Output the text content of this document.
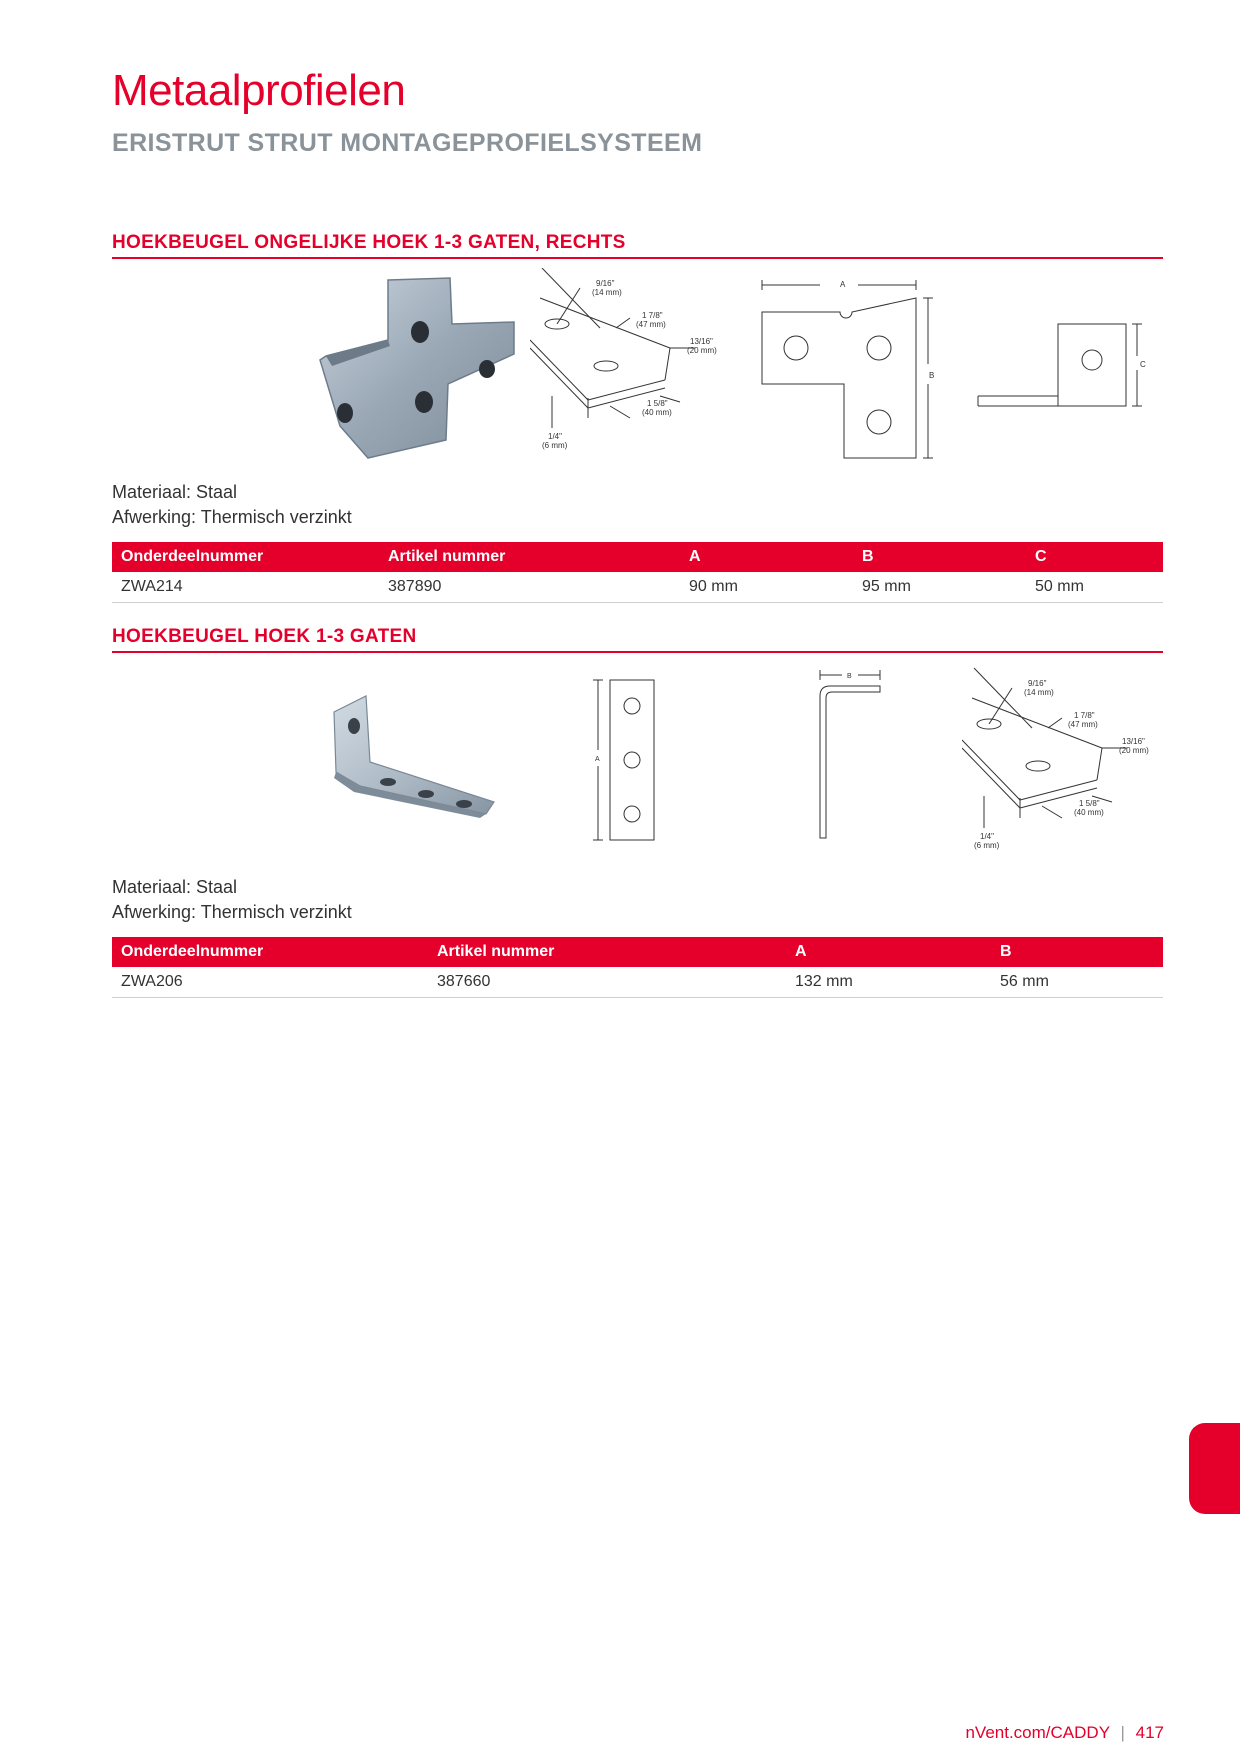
Metaalprofielen
ERISTRUT STRUT MONTAGEPROFIELSYSTEEM
HOEKBEUGEL ONGELIJKE HOEK 1-3 GATEN, RECHTS
9/16"
(14 mm)
1 7/8"
(47 mm)
13/16"
(20 mm)
1 5/8"
(40 mm)
1/4"
(6 mm)
A
B
C
Materiaal: Staal
Afwerking: Thermisch verzinkt
Onderdeelnummer	Artikel nummer	A	B	C
ZWA214	387890	90 mm	95 mm	50 mm
HOEKBEUGEL HOEK 1-3 GATEN
A
B
9/16"
(14 mm)
1 7/8"
(47 mm)
13/16"
(20 mm)
1 5/8"
(40 mm)
1/4"
(6 mm)
Materiaal: Staal
Afwerking: Thermisch verzinkt
Onderdeelnummer	Artikel nummer	A	B
ZWA206	387660	132 mm	56 mm
nVent.com/CADDY | 417
